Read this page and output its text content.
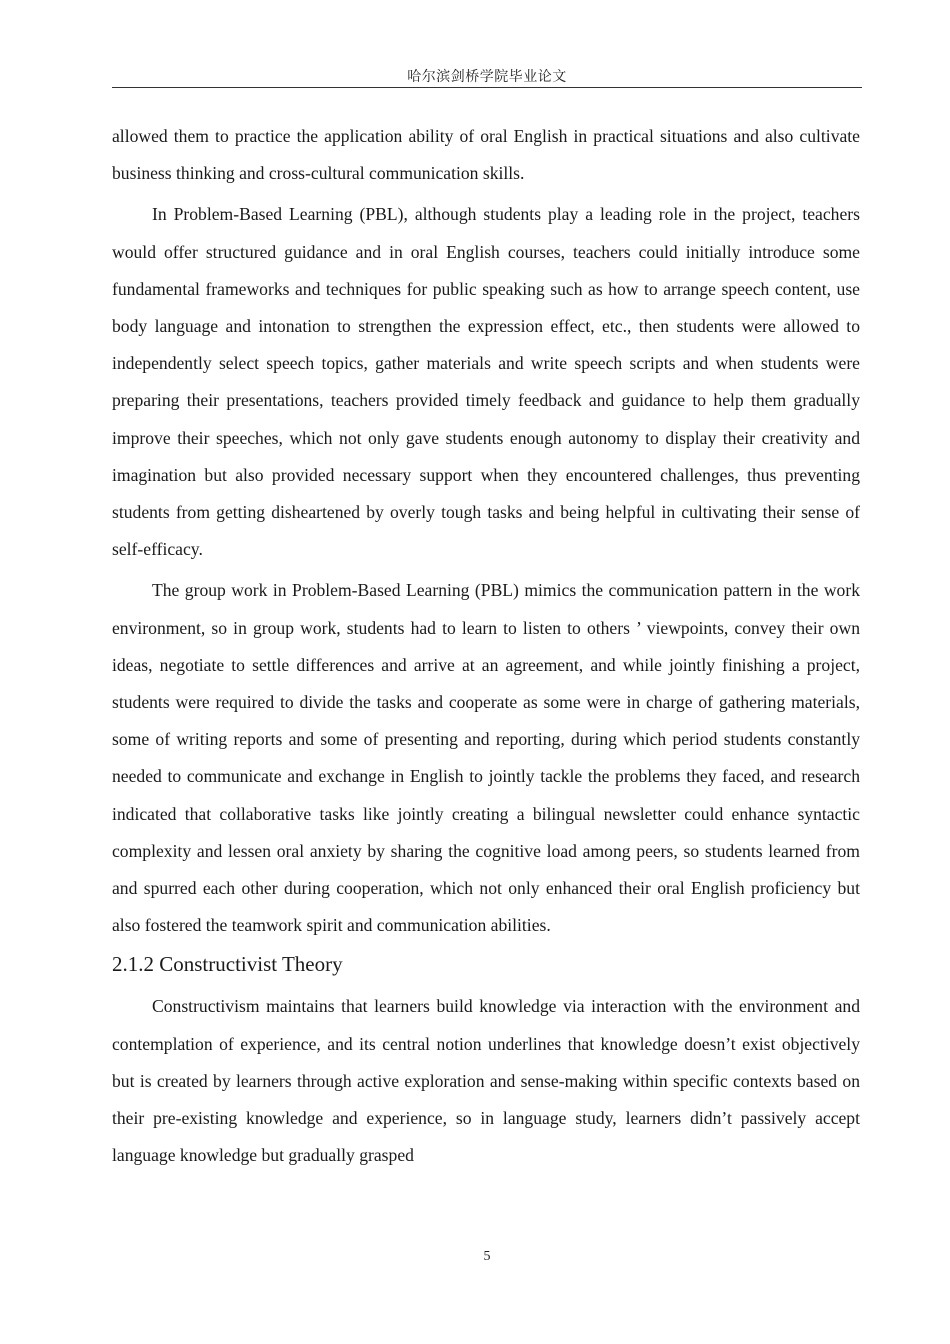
哈尔滨剑桥学院毕业论文

allowed them to practice the application ability of oral English in practical situations and also cultivate business thinking and cross-cultural communication skills.

In Problem-Based Learning (PBL), although students play a leading role in the project, teachers would offer structured guidance and in oral English courses, teachers could initially introduce some fundamental frameworks and techniques for public speaking such as how to arrange speech content, use body language and intonation to strengthen the expression effect, etc., then students were allowed to independently select speech topics, gather materials and write speech scripts and when students were preparing their presentations, teachers provided timely feedback and guidance to help them gradually improve their speeches, which not only gave students enough autonomy to display their creativity and imagination but also provided necessary support when they encountered challenges, thus preventing students from getting disheartened by overly tough tasks and being helpful in cultivating their sense of self-efficacy.

The group work in Problem-Based Learning (PBL) mimics the communication pattern in the work environment, so in group work, students had to learn to listen to others ’ viewpoints, convey their own ideas, negotiate to settle differences and arrive at an agreement, and while jointly finishing a project, students were required to divide the tasks and cooperate as some were in charge of gathering materials, some of writing reports and some of presenting and reporting, during which period students constantly needed to communicate and exchange in English to jointly tackle the problems they faced, and research indicated that collaborative tasks like jointly creating a bilingual newsletter could enhance syntactic complexity and lessen oral anxiety by sharing the cognitive load among peers, so students learned from and spurred each other during cooperation, which not only enhanced their oral English proficiency but also fostered the teamwork spirit and communication abilities.

2.1.2 Constructivist Theory

Constructivism maintains that learners build knowledge via interaction with the environment and contemplation of experience, and its central notion underlines that knowledge doesn’t exist objectively but is created by learners through active exploration and sense-making within specific contexts based on their pre-existing knowledge and experience, so in language study, learners didn’t passively accept language knowledge but gradually grasped

5
